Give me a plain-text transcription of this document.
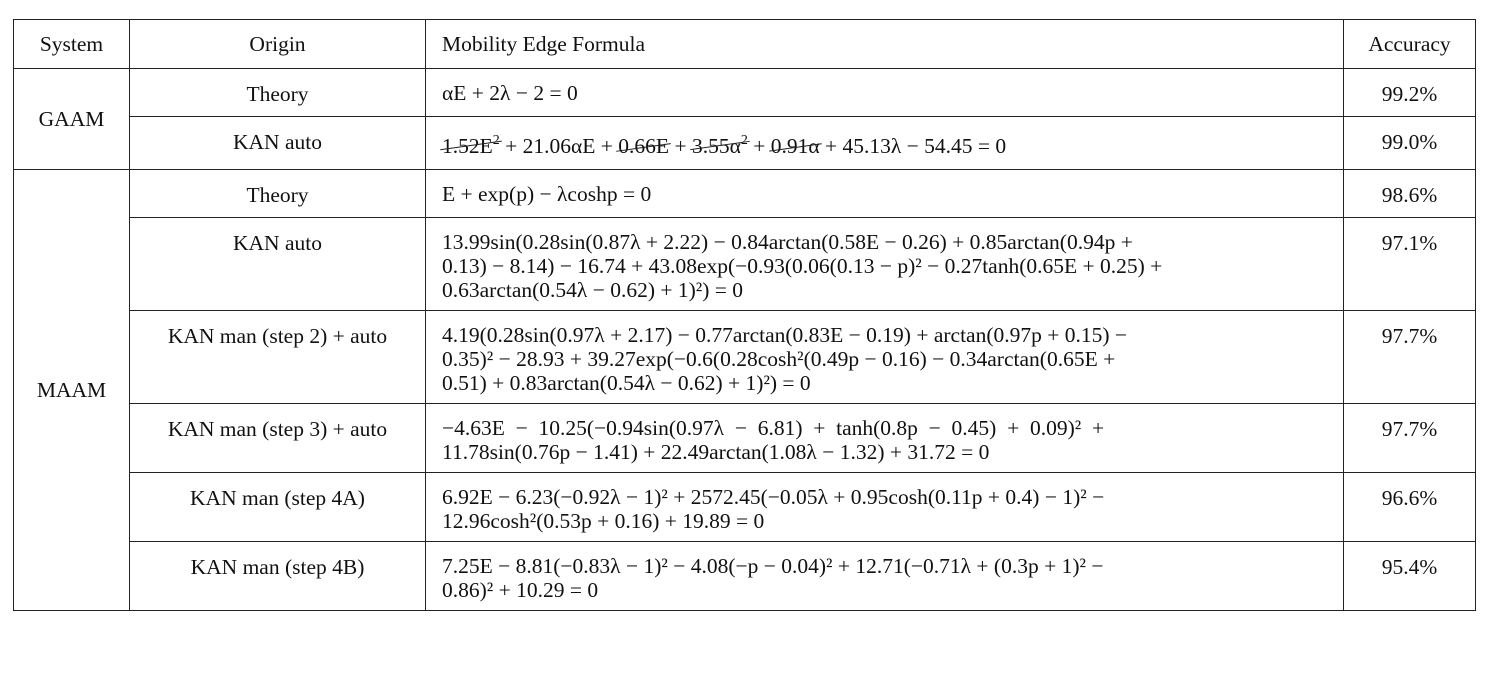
System	Origin	Mobility Edge Formula	Accuracy
GAAM	Theory	αE + 2λ − 2 = 0	99.2%
	KAN auto	$1.52E^2 + 21.06\alpha E + 0.66E + 3.55\alpha^2 + 0.91\alpha + 45.13\lambda - 54.45 = 0$	99.0%
MAAM	Theory	E + exp(p) − λcoshp = 0	98.6%
	KAN auto	13.99sin(0.28sin(0.87λ + 2.22) − 0.84arctan(0.58E − 0.26) + 0.85arctan(0.94p +
0.13) − 8.14) − 16.74 + 43.08exp(−0.93(0.06(0.13 − p)² − 0.27tanh(0.65E + 0.25) +
0.63arctan(0.54λ − 0.62) + 1)²) = 0	97.1%
	KAN man (step 2) + auto	4.19(0.28sin(0.97λ + 2.17) − 0.77arctan(0.83E − 0.19) + arctan(0.97p + 0.15) −
0.35)² − 28.93 + 39.27exp(−0.6(0.28cosh²(0.49p − 0.16) − 0.34arctan(0.65E +
0.51) + 0.83arctan(0.54λ − 0.62) + 1)²) = 0	97.7%
	KAN man (step 3) + auto	−4.63E  −  10.25(−0.94sin(0.97λ  −  6.81)  +  tanh(0.8p  −  0.45)  +  0.09)²  +
11.78sin(0.76p − 1.41) + 22.49arctan(1.08λ − 1.32) + 31.72 = 0	97.7%
	KAN man (step 4A)	6.92E − 6.23(−0.92λ − 1)² + 2572.45(−0.05λ + 0.95cosh(0.11p + 0.4) − 1)² −
12.96cosh²(0.53p + 0.16) + 19.89 = 0	96.6%
	KAN man (step 4B)	7.25E − 8.81(−0.83λ − 1)² − 4.08(−p − 0.04)² + 12.71(−0.71λ + (0.3p + 1)² −
0.86)² + 10.29 = 0	95.4%
